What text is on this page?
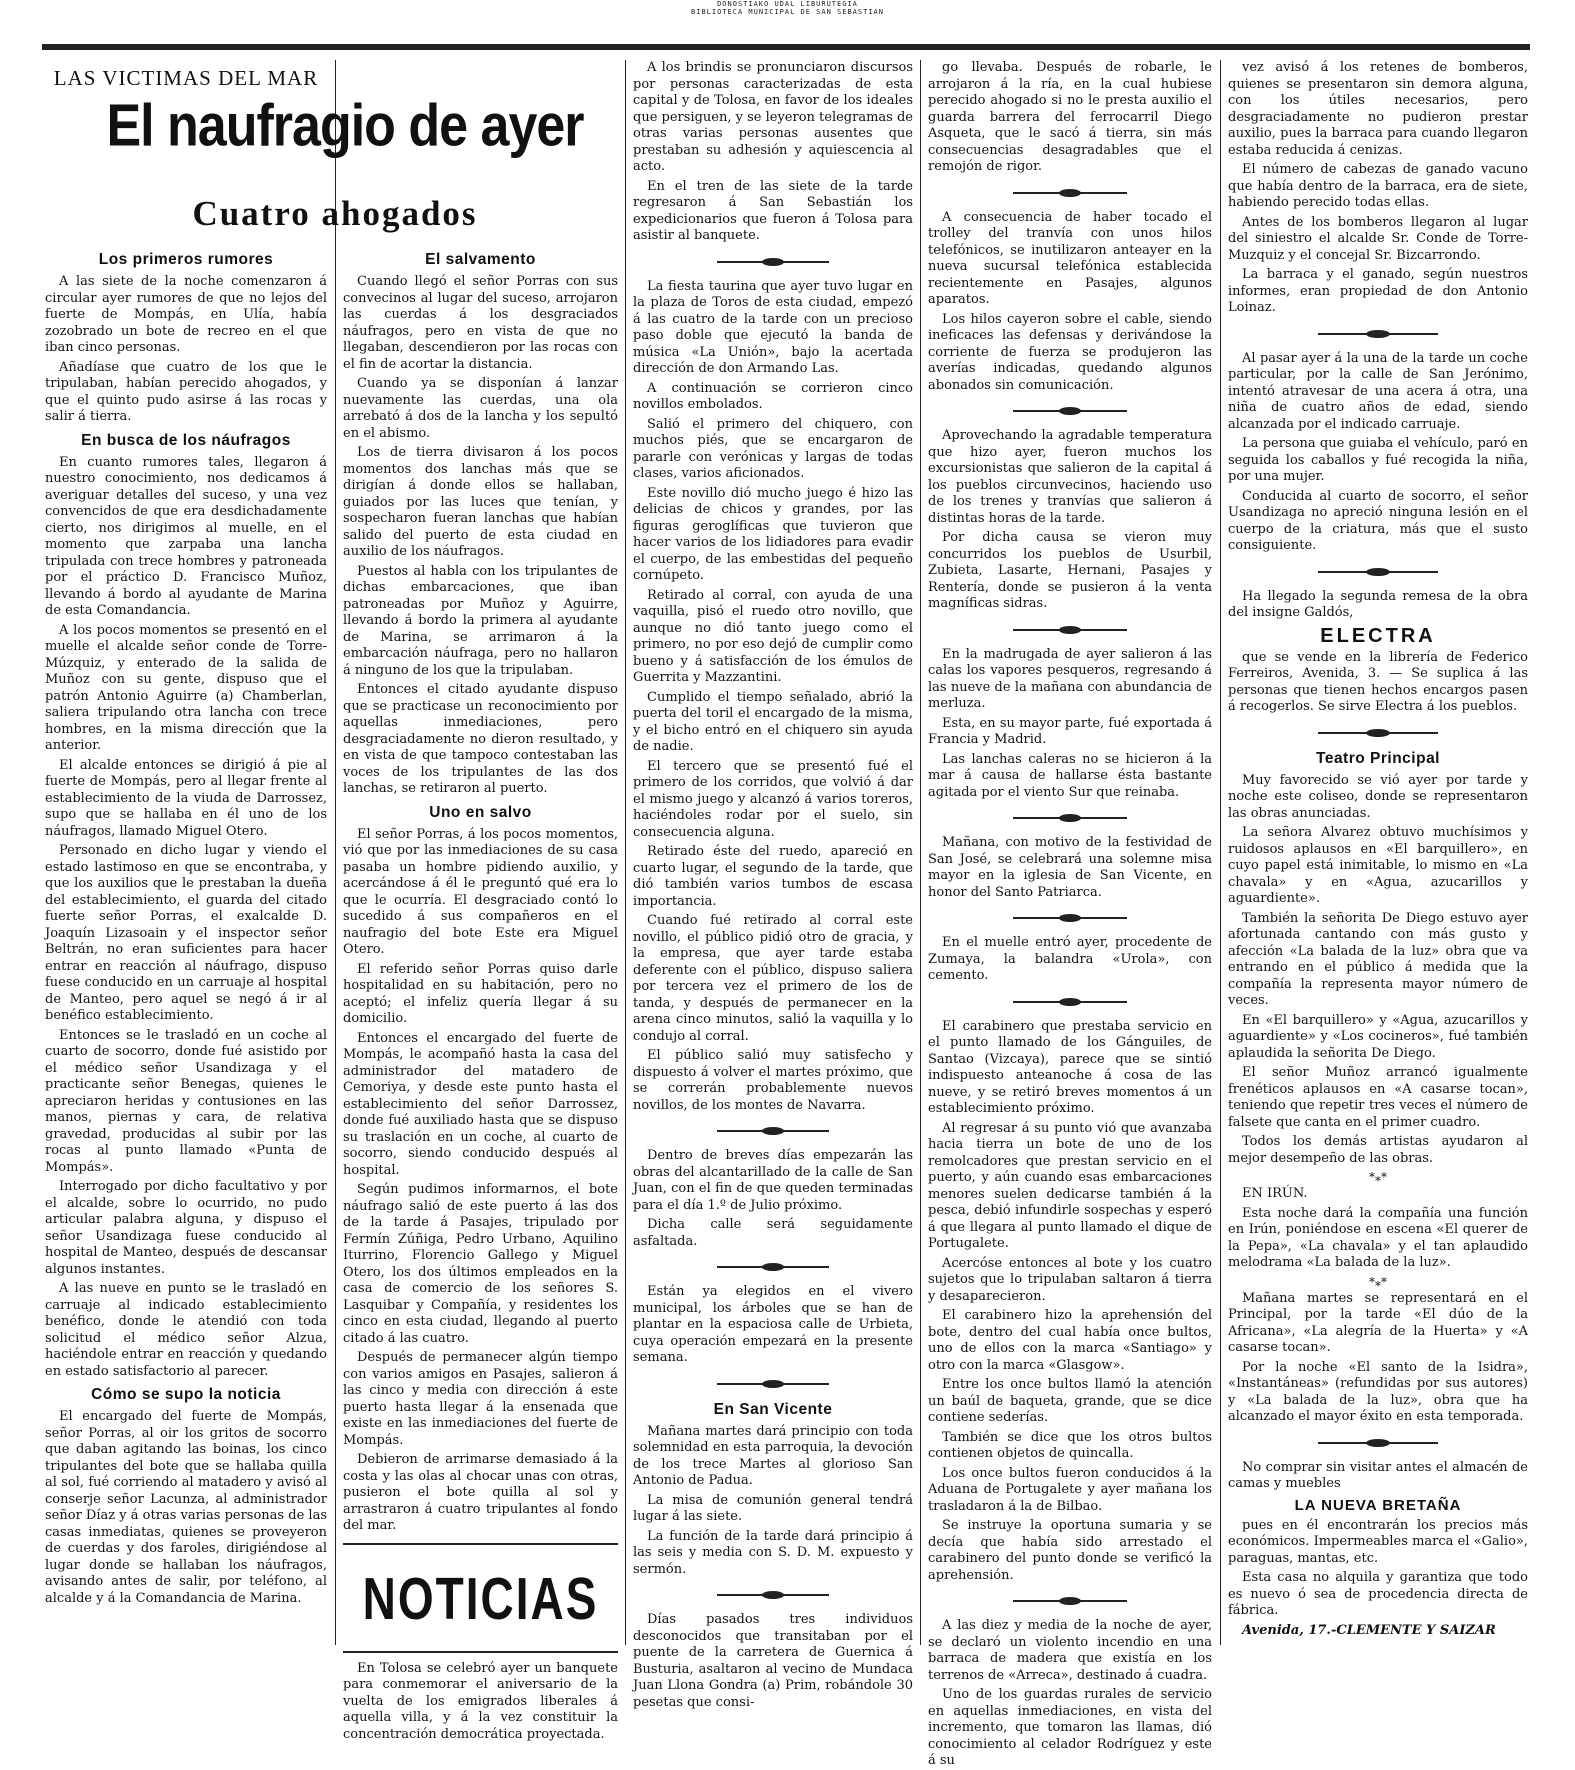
DONOSTIAKO UDAL LIBURUTEGIA
BIBLIOTECA MUNICIPAL DE SAN SEBASTIAN
LAS VICTIMAS DEL MAR
El naufragio de ayer
Cuatro ahogados
Los primeros rumores

A las siete de la noche comenzaron á circular ayer rumores de que no lejos del fuerte de Mompás, en Ulía, había zozobrado un bote de recreo en el que iban cinco personas.

Añadíase que cuatro de los que le tripulaban, habían perecido ahogados, y que el quinto pudo asirse á las rocas y salir á tierra.

En busca de los náufragos

En cuanto rumores tales, llegaron á nuestro conocimiento, nos dedicamos á averiguar detalles del suceso, y una vez convencidos de que era desdichadamente cierto, nos dirigimos al muelle, en el momento que zarpaba una lancha tripulada con trece hombres y patroneada por el práctico D. Francisco Muñoz, llevando á bordo al ayudante de Marina de esta Comandancia.

A los pocos momentos se presentó en el muelle el alcalde señor conde de Torre-Múzquiz, y enterado de la salida de Muñoz con su gente, dispuso que el patrón Antonio Aguirre (a) Chamberlan, saliera tripulando otra lancha con trece hombres, en la misma dirección que la anterior.

El alcalde entonces se dirigió á pie al fuerte de Mompás, pero al llegar frente al establecimiento de la viuda de Darrossez, supo que se hallaba en él uno de los náufragos, llamado Miguel Otero.

Personado en dicho lugar y viendo el estado lastimoso en que se encontraba, y que los auxilios que le prestaban la dueña del establecimiento, el guarda del citado fuerte señor Porras, el exalcalde D. Joaquín Lizasoain y el inspector señor Beltrán, no eran suficientes para hacer entrar en reacción al náufrago, dispuso fuese conducido en un carruaje al hospital de Manteo, pero aquel se negó á ir al benéfico establecimiento.

Entonces se le trasladó en un coche al cuarto de socorro, donde fué asistido por el médico señor Usandizaga y el practicante señor Benegas, quienes le apreciaron heridas y contusiones en las manos, piernas y cara, de relativa gravedad, producidas al subir por las rocas al punto llamado «Punta de Mompás».

Interrogado por dicho facultativo y por el alcalde, sobre lo ocurrido, no pudo articular palabra alguna, y dispuso el señor Usandizaga fuese conducido al hospital de Manteo, después de descansar algunos instantes.

A las nueve en punto se le trasladó en carruaje al indicado establecimiento benéfico, donde le atendió con toda solicitud el médico señor Alzua, haciéndole entrar en reacción y quedando en estado satisfactorio al parecer.

Cómo se supo la noticia

El encargado del fuerte de Mompás, señor Porras, al oir los gritos de socorro que daban agitando las boinas, los cinco tripulantes del bote que se hallaba quilla al sol, fué corriendo al matadero y avisó al conserje señor Lacunza, al administrador señor Díaz y á otras varias personas de las casas inmediatas, quienes se proveyeron de cuerdas y dos faroles, dirigiéndose al lugar donde se hallaban los náufragos, avisando antes de salir, por teléfono, al alcalde y á la Comandancia de Marina.

El salvamento

Cuando llegó el señor Porras con sus convecinos al lugar del suceso, arrojaron las cuerdas á los desgraciados náufragos, pero en vista de que no llegaban, descendieron por las rocas con el fin de acortar la distancia.

Cuando ya se disponían á lanzar nuevamente las cuerdas, una ola arrebató á dos de la lancha y los sepultó en el abismo.

Los de tierra divisaron á los pocos momentos dos lanchas más que se dirigían á donde ellos se hallaban, guiados por las luces que tenían, y sospecharon fueran lanchas que habían salido del puerto de esta ciudad en auxilio de los náufragos.

Puestos al habla con los tripulantes de dichas embarcaciones, que iban patroneadas por Muñoz y Aguirre, llevando á bordo la primera al ayudante de Marina, se arrimaron á la embarcación náufraga, pero no hallaron á ninguno de los que la tripulaban.

Entonces el citado ayudante dispuso que se practicase un reconocimiento por aquellas inmediaciones, pero desgraciadamente no dieron resultado, y en vista de que tampoco contestaban las voces de los tripulantes de las dos lanchas, se retiraron al puerto.

Uno en salvo

El señor Porras, á los pocos momentos, vió que por las inmediaciones de su casa pasaba un hombre pidiendo auxilio, y acercándose á él le preguntó qué era lo que le ocurría. El desgraciado contó lo sucedido á sus compañeros en el naufragio del bote Este era Miguel Otero.

El referido señor Porras quiso darle hospitalidad en su habitación, pero no aceptó; el infeliz quería llegar á su domicilio.

Entonces el encargado del fuerte de Mompás, le acompañó hasta la casa del administrador del matadero de Cemoriya, y desde este punto hasta el establecimiento del señor Darrossez, donde fué auxiliado hasta que se dispuso su traslación en un coche, al cuarto de socorro, siendo conducido después al hospital.

Según pudimos informarnos, el bote náufrago salió de este puerto á las dos de la tarde á Pasajes, tripulado por Fermín Zúñiga, Pedro Urbano, Aquilino Iturrino, Florencio Gallego y Miguel Otero, los dos últimos empleados en la casa de comercio de los señores S. Lasquibar y Compañía, y residentes los cinco en esta ciudad, llegando al puerto citado á las cuatro.

Después de permanecer algún tiempo con varios amigos en Pasajes, salieron á las cinco y media con dirección á este puerto hasta llegar á la ensenada que existe en las inmediaciones del fuerte de Mompás.

Debieron de arrimarse demasiado á la costa y las olas al chocar unas con otras, pusieron el bote quilla al sol y arrastraron á cuatro tripulantes al fondo del mar.

NOTICIAS

En Tolosa se celebró ayer un banquete para conmemorar el aniversario de la vuelta de los emigrados liberales á aquella villa, y á la vez constituir la concentración democrática proyectada.

A los brindis se pronunciaron discursos por personas caracterizadas de esta capital y de Tolosa, en favor de los ideales que persiguen, y se leyeron telegramas de otras varias personas ausentes que prestaban su adhesión y aquiescencia al acto.

En el tren de las siete de la tarde regresaron á San Sebastián los expedicionarios que fueron á Tolosa para asistir al banquete.

La fiesta taurina que ayer tuvo lugar en la plaza de Toros de esta ciudad, empezó á las cuatro de la tarde con un precioso paso doble que ejecutó la banda de música «La Unión», bajo la acertada dirección de don Armando Las.

A continuación se corrieron cinco novillos embolados.

Salió el primero del chiquero, con muchos piés, que se encargaron de pararle con verónicas y largas de todas clases, varios aficionados.

Este novillo dió mucho juego é hizo las delicias de chicos y grandes, por las figuras geroglíficas que tuvieron que hacer varios de los lidiadores para evadir el cuerpo, de las embestidas del pequeño cornúpeto.

Retirado al corral, con ayuda de una vaquilla, pisó el ruedo otro novillo, que aunque no dió tanto juego como el primero, no por eso dejó de cumplir como bueno y á satisfacción de los émulos de Guerrita y Mazzantini.

Cumplido el tiempo señalado, abrió la puerta del toril el encargado de la misma, y el bicho entró en el chiquero sin ayuda de nadie.

El tercero que se presentó fué el primero de los corridos, que volvió á dar el mismo juego y alcanzó á varios toreros, haciéndoles rodar por el suelo, sin consecuencia alguna.

Retirado éste del ruedo, apareció en cuarto lugar, el segundo de la tarde, que dió también varios tumbos de escasa importancia.

Cuando fué retirado al corral este novillo, el público pidió otro de gracia, y la empresa, que ayer tarde estaba deferente con el público, dispuso saliera por tercera vez el primero de los de tanda, y después de permanecer en la arena cinco minutos, salió la vaquilla y lo condujo al corral.

El público salió muy satisfecho y dispuesto á volver el martes próximo, que se correrán probablemente nuevos novillos, de los montes de Navarra.

Dentro de breves días empezarán las obras del alcantarillado de la calle de San Juan, con el fin de que queden terminadas para el día 1.º de Julio próximo.

Dicha calle será seguidamente asfaltada.

Están ya elegidos en el vivero municipal, los árboles que se han de plantar en la espaciosa calle de Urbieta, cuya operación empezará en la presente semana.

En San Vicente

Mañana martes dará principio con toda solemnidad en esta parroquia, la devoción de los trece Martes al glorioso San Antonio de Padua.

La misa de comunión general tendrá lugar á las siete.

La función de la tarde dará principio á las seis y media con S. D. M. expuesto y sermón.

Días pasados tres individuos desconocidos que transitaban por el puente de la carretera de Guernica á Busturia, asaltaron al vecino de Mundaca Juan Llona Gondra (a) Prim, robándole 30 pesetas que consi-

go llevaba. Después de robarle, le arrojaron á la ría, en la cual hubiese perecido ahogado si no le presta auxilio el guarda barrera del ferrocarril Diego Asqueta, que le sacó á tierra, sin más consecuencias desagradables que el remojón de rigor.

A consecuencia de haber tocado el trolley del tranvía con unos hilos telefónicos, se inutilizaron anteayer en la nueva sucursal telefónica establecida recientemente en Pasajes, algunos aparatos.

Los hilos cayeron sobre el cable, siendo ineficaces las defensas y derivándose la corriente de fuerza se produjeron las averías indicadas, quedando algunos abonados sin comunicación.

Aprovechando la agradable temperatura que hizo ayer, fueron muchos los excursionistas que salieron de la capital á los pueblos circunvecinos, haciendo uso de los trenes y tranvías que salieron á distintas horas de la tarde.

Por dicha causa se vieron muy concurridos los pueblos de Usurbil, Zubieta, Lasarte, Hernani, Pasajes y Rentería, donde se pusieron á la venta magníficas sidras.

En la madrugada de ayer salieron á las calas los vapores pesqueros, regresando á las nueve de la mañana con abundancia de merluza.

Esta, en su mayor parte, fué exportada á Francia y Madrid.

Las lanchas caleras no se hicieron á la mar á causa de hallarse ésta bastante agitada por el viento Sur que reinaba.

Mañana, con motivo de la festividad de San José, se celebrará una solemne misa mayor en la iglesia de San Vicente, en honor del Santo Patriarca.

En el muelle entró ayer, procedente de Zumaya, la balandra «Urola», con cemento.

El carabinero que prestaba servicio en el punto llamado de los Gánguiles, de Santao (Vizcaya), parece que se sintió indispuesto anteanoche á cosa de las nueve, y se retiró breves momentos á un establecimiento próximo.

Al regresar á su punto vió que avanzaba hacia tierra un bote de uno de los remolcadores que prestan servicio en el puerto, y aún cuando esas embarcaciones menores suelen dedicarse también á la pesca, debió infundirle sospechas y esperó á que llegara al punto llamado el dique de Portugalete.

Acercóse entonces al bote y los cuatro sujetos que lo tripulaban saltaron á tierra y desaparecieron.

El carabinero hizo la aprehensión del bote, dentro del cual había once bultos, uno de ellos con la marca «Santiago» y otro con la marca «Glasgow».

Entre los once bultos llamó la atención un baúl de baqueta, grande, que se dice contiene sederías.

También se dice que los otros bultos contienen objetos de quincalla.

Los once bultos fueron conducidos á la Aduana de Portugalete y ayer mañana los trasladaron á la de Bilbao.

Se instruye la oportuna sumaria y se decía que había sido arrestado el carabinero del punto donde se verificó la aprehensión.

A las diez y media de la noche de ayer, se declaró un violento incendio en una barraca de madera que existía en los terrenos de «Arreca», destinado á cuadra.

Uno de los guardas rurales de servicio en aquellas inmediaciones, en vista del incremento, que tomaron las llamas, dió conocimiento al celador Rodríguez y este á su

vez avisó á los retenes de bomberos, quienes se presentaron sin demora alguna, con los útiles necesarios, pero desgraciadamente no pudieron prestar auxilio, pues la barraca para cuando llegaron estaba reducida á cenizas.

El número de cabezas de ganado vacuno que había dentro de la barraca, era de siete, habiendo perecido todas ellas.

Antes de los bomberos llegaron al lugar del siniestro el alcalde Sr. Conde de Torre-Muzquiz y el concejal Sr. Bizcarrondo.

La barraca y el ganado, según nuestros informes, eran propiedad de don Antonio Loinaz.

Al pasar ayer á la una de la tarde un coche particular, por la calle de San Jerónimo, intentó atravesar de una acera á otra, una niña de cuatro años de edad, siendo alcanzada por el indicado carruaje.

La persona que guiaba el vehículo, paró en seguida los caballos y fué recogida la niña, por una mujer.

Conducida al cuarto de socorro, el señor Usandizaga no apreció ninguna lesión en el cuerpo de la criatura, más que el susto consiguiente.

Ha llegado la segunda remesa de la obra del insigne Galdós,

ELECTRA

que se vende en la librería de Federico Ferreiros, Avenida, 3. — Se suplica á las personas que tienen hechos encargos pasen á recogerlos. Se sirve Electra á los pueblos.

Teatro Principal

Muy favorecido se vió ayer por tarde y noche este coliseo, donde se representaron las obras anunciadas.

La señora Alvarez obtuvo muchísimos y ruidosos aplausos en «El barquillero», en cuyo papel está inimitable, lo mismo en «La chavala» y en «Agua, azucarillos y aguardiente».

También la señorita De Diego estuvo ayer afortunada cantando con más gusto y afección «La balada de la luz» obra que va entrando en el público á medida que la compañía la representa mayor número de veces.

En «El barquillero» y «Agua, azucarillos y aguardiente» y «Los cocineros», fué también aplaudida la señorita De Diego.

El señor Muñoz arrancó igualmente frenéticos aplausos en «A casarse tocan», teniendo que repetir tres veces el número de falsete que canta en el primer cuadro.

Todos los demás artistas ayudaron al mejor desempeño de las obras.

*⁎*

EN IRÚN.

Esta noche dará la compañía una función en Irún, poniéndose en escena «El querer de la Pepa», «La chavala» y el tan aplaudido melodrama «La balada de la luz».

*⁎*

Mañana martes se representará en el Principal, por la tarde «El dúo de la Africana», «La alegría de la Huerta» y «A casarse tocan».

Por la noche «El santo de la Isidra», «Instantáneas» (refundidas por sus autores) y «La balada de la luz», obra que ha alcanzado el mayor éxito en esta temporada.

No comprar sin visitar antes el almacén de camas y muebles

LA NUEVA BRETAÑA

pues en él encontrarán los precios más económicos. Impermeables marca el «Galio», paraguas, mantas, etc.

Esta casa no alquila y garantiza que todo es nuevo ó sea de procedencia directa de fábrica.

Avenida, 17.-CLEMENTE Y SAIZAR
